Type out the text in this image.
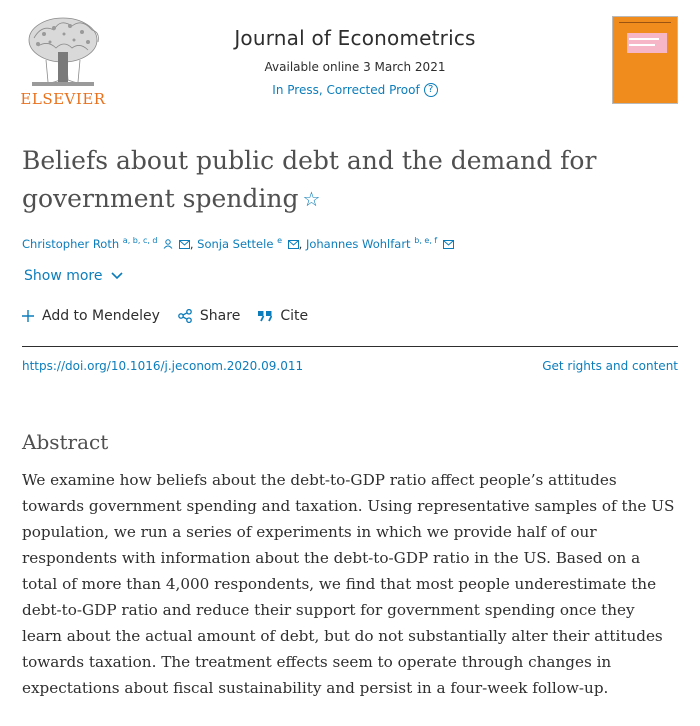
ELSEVIER
Journal of Econometrics
Available online 3 March 2021
In Press, Corrected Proof ?
Beliefs about public debt and the demand for government spending ☆
Christopher Roth $^{a, b, c, d}$	, Sonja Settele $^e$ , Johannes Wohlfart $^{b, e, f}$
Show more
Add to Mendeley	Share	Cite
https://doi.org/10.1016/j.jeconom.2020.09.011	Get rights and content
Abstract
We examine how beliefs about the debt-to-GDP ratio affect people’s attitudes
towards government spending and taxation. Using representative samples of the US
population, we run a series of experiments in which we provide half of our
respondents with information about the debt-to-GDP ratio in the US. Based on a
total of more than 4,000 respondents, we find that most people underestimate the
debt-to-GDP ratio and reduce their support for government spending once they
learn about the actual amount of debt, but do not substantially alter their attitudes
towards taxation. The treatment effects seem to operate through changes in
expectations about fiscal sustainability and persist in a four-week follow-up.
